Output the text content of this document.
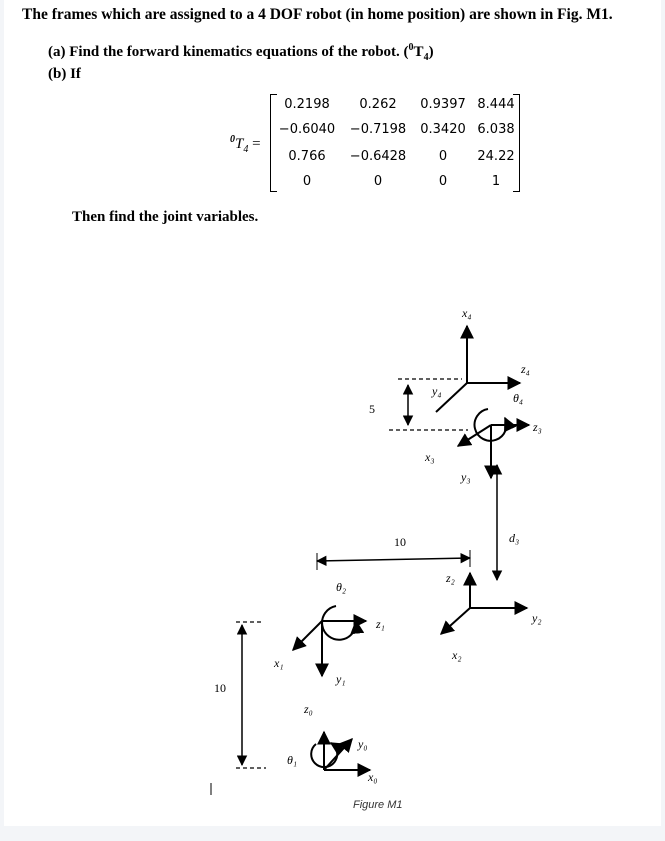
The frames which are assigned to a 4 DOF robot (in home position) are shown in Fig. M1.
(a) Find the forward kinematics equations of the robot. $(^0T_4)$
(b) If
$^0T_4$ =
0.2198	0.262	0.9397 8.444
−0.6040	−0.7198	0.3420 6.038
0.766	−0.6428	0	24.22
0	0	0	1
Then find the joint variables.
x₄
z₄
y₄	θ₄
z₃
x₃
y₃
d₃
z₂
y₂
x₂
θ₂
z₁
x₁
y₁
z₀
y₀
x₀
θ₁
5
10
10
Figure M1
